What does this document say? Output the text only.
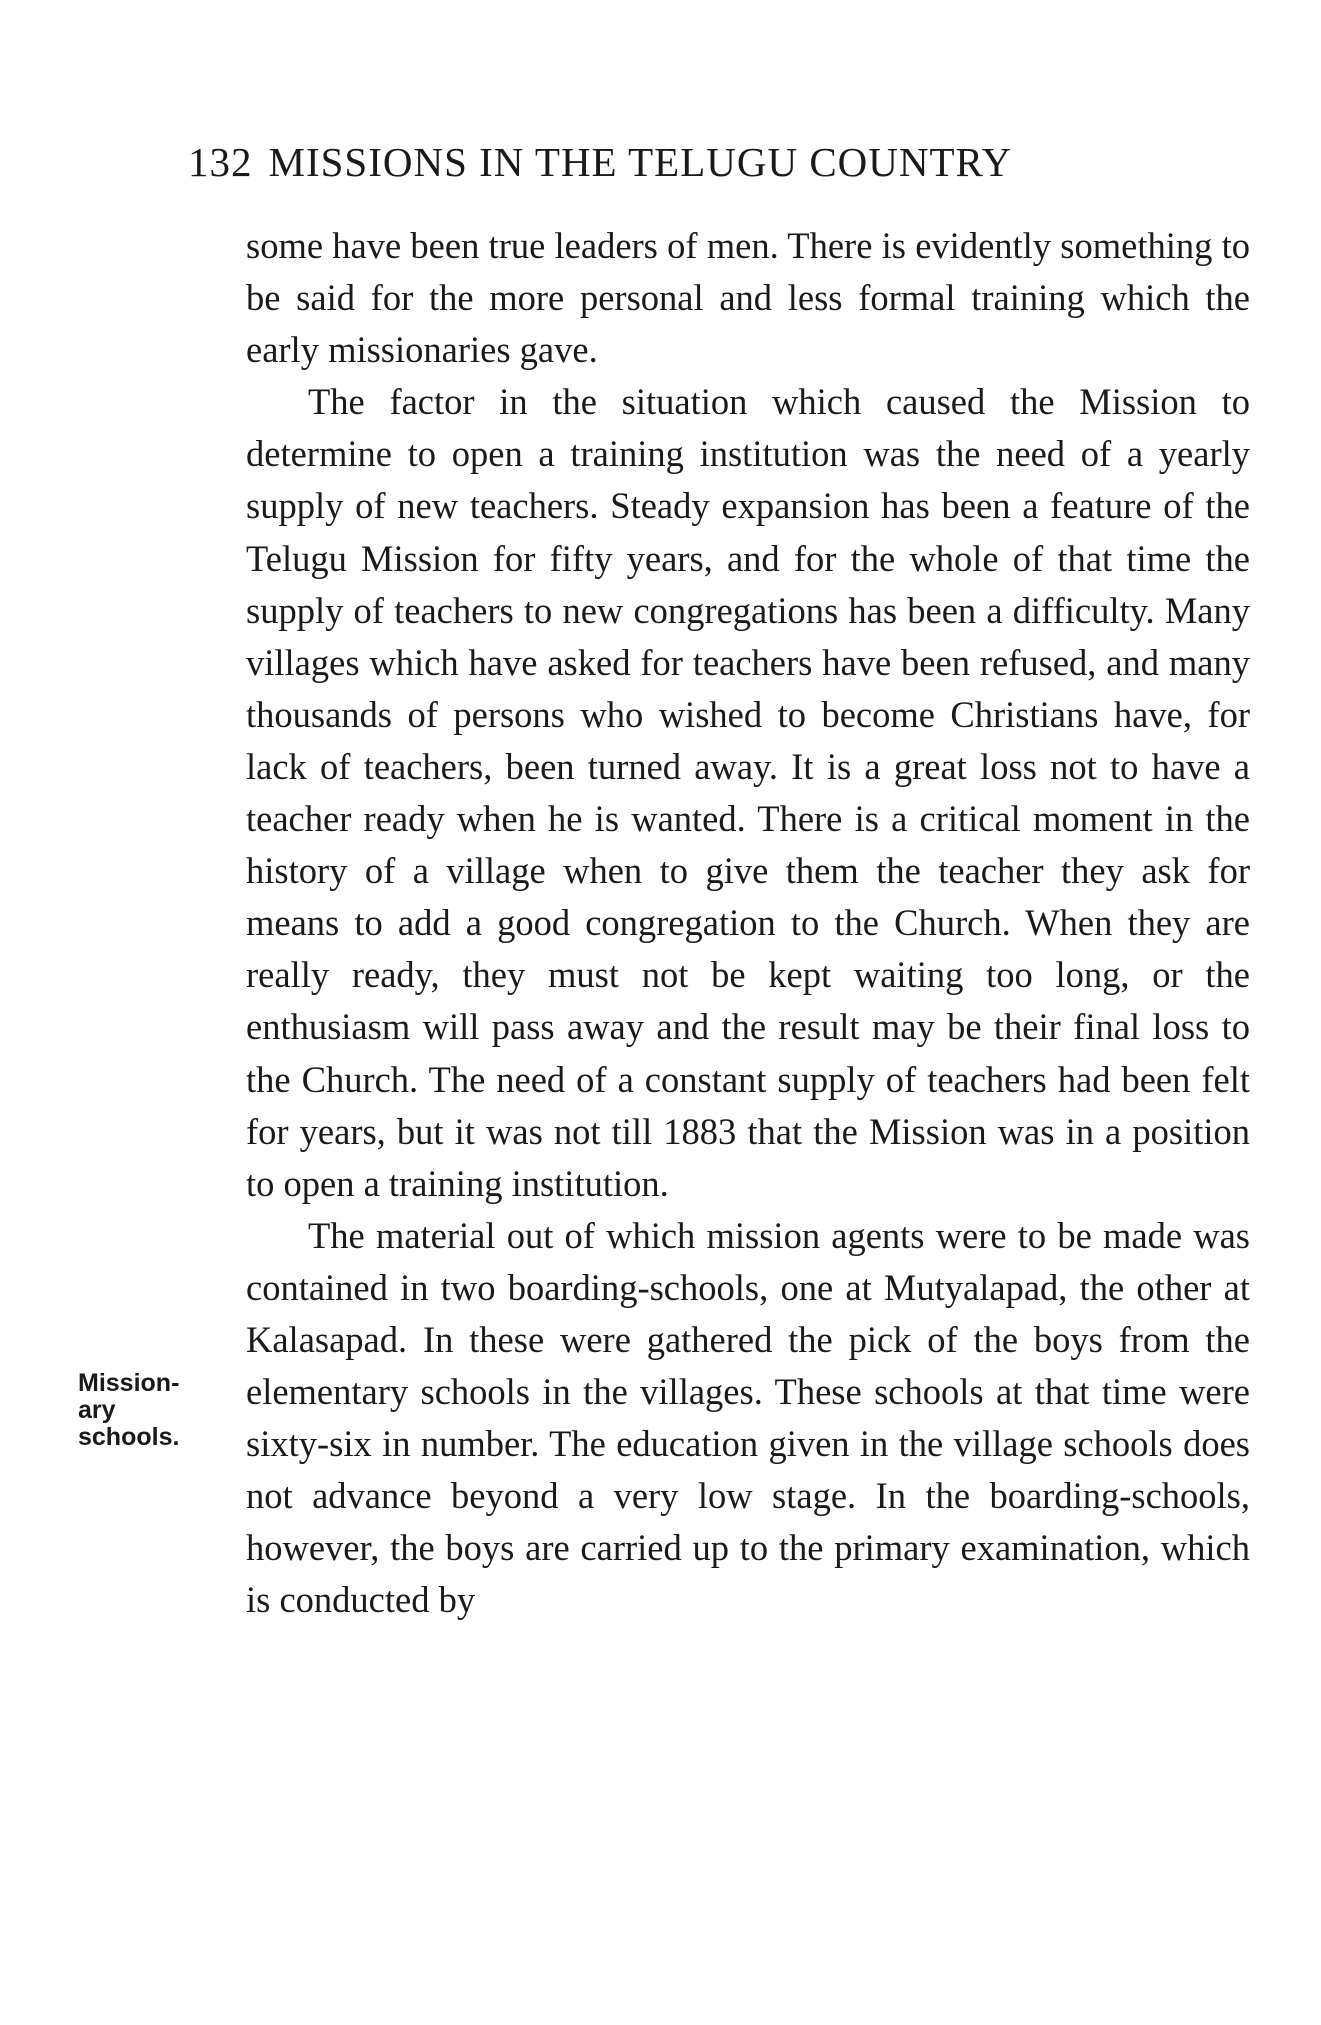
132 MISSIONS IN THE TELUGU COUNTRY
Mission-
ary
schools.

some have been true leaders of men. There is evidently something to be said for the more personal and less formal training which the early missionaries gave.

The factor in the situation which caused the Mission to determine to open a training institution was the need of a yearly supply of new teachers. Steady expansion has been a feature of the Telugu Mission for fifty years, and for the whole of that time the supply of teachers to new congregations has been a difficulty. Many villages which have asked for teachers have been refused, and many thousands of persons who wished to become Christians have, for lack of teachers, been turned away. It is a great loss not to have a teacher ready when he is wanted. There is a critical moment in the history of a village when to give them the teacher they ask for means to add a good congregation to the Church. When they are really ready, they must not be kept waiting too long, or the enthusiasm will pass away and the result may be their final loss to the Church. The need of a constant supply of teachers had been felt for years, but it was not till 1883 that the Mission was in a position to open a training institution.

The material out of which mission agents were to be made was contained in two boarding-schools, one at Mutyalapad, the other at Kalasapad. In these were gathered the pick of the boys from the elementary schools in the villages. These schools at that time were sixty-six in number. The education given in the village schools does not advance beyond a very low stage. In the boarding-schools, however, the boys are carried up to the primary examination, which is conducted by
